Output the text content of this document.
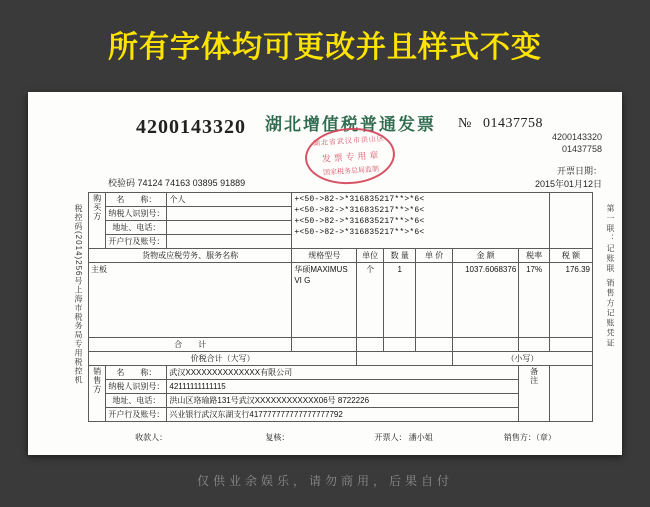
所有字体均可更改并且样式不变
4200143320 湖北增值税普通发票 № 01437758
4200143320
01437758
湖北省武汉市洪山区
发 票 专 用 章
国家税务总局监制
校验码 74124 74163 03895 91889
开票日期：
2015年01月12日
税控码(2014)256号上海市税务局专用税控机	第一联：记账联 销售方记账凭证
购买方	名　　称：	个人	+<50->82->*316835217**>*6<
+<50->82->*316835217**>*6<
+<50->82->*316835217**>*6<
+<50->82->*316835217**>*6<						

	纳税人识别号：								
	地址、电话：								
	开户行及账号：								
货物或应税劳务、服务名称			规格型号	单位	数 量	单 价	金 额	税率	税 额
主板			华硕MAXIMUS VI G	个	1		1037.6068376	17%	176.39
合　　计									
价税合计（大写）							（小写）		
销售方	名　　称：	武汉XXXXXXXXXXXXXX有限公司						备注	
	纳税人识别号：	42111111111115							
	地址、电话：	洪山区珞瑜路131号武汉XXXXXXXXXXXX06号 8722226							
	开户行及账号：	兴业银行武汉东湖支行417777777777777777792							
收款人：	复核：	开票人： 潘小姐	销售方：（章）
仅供业余娱乐，请勿商用，后果自付
